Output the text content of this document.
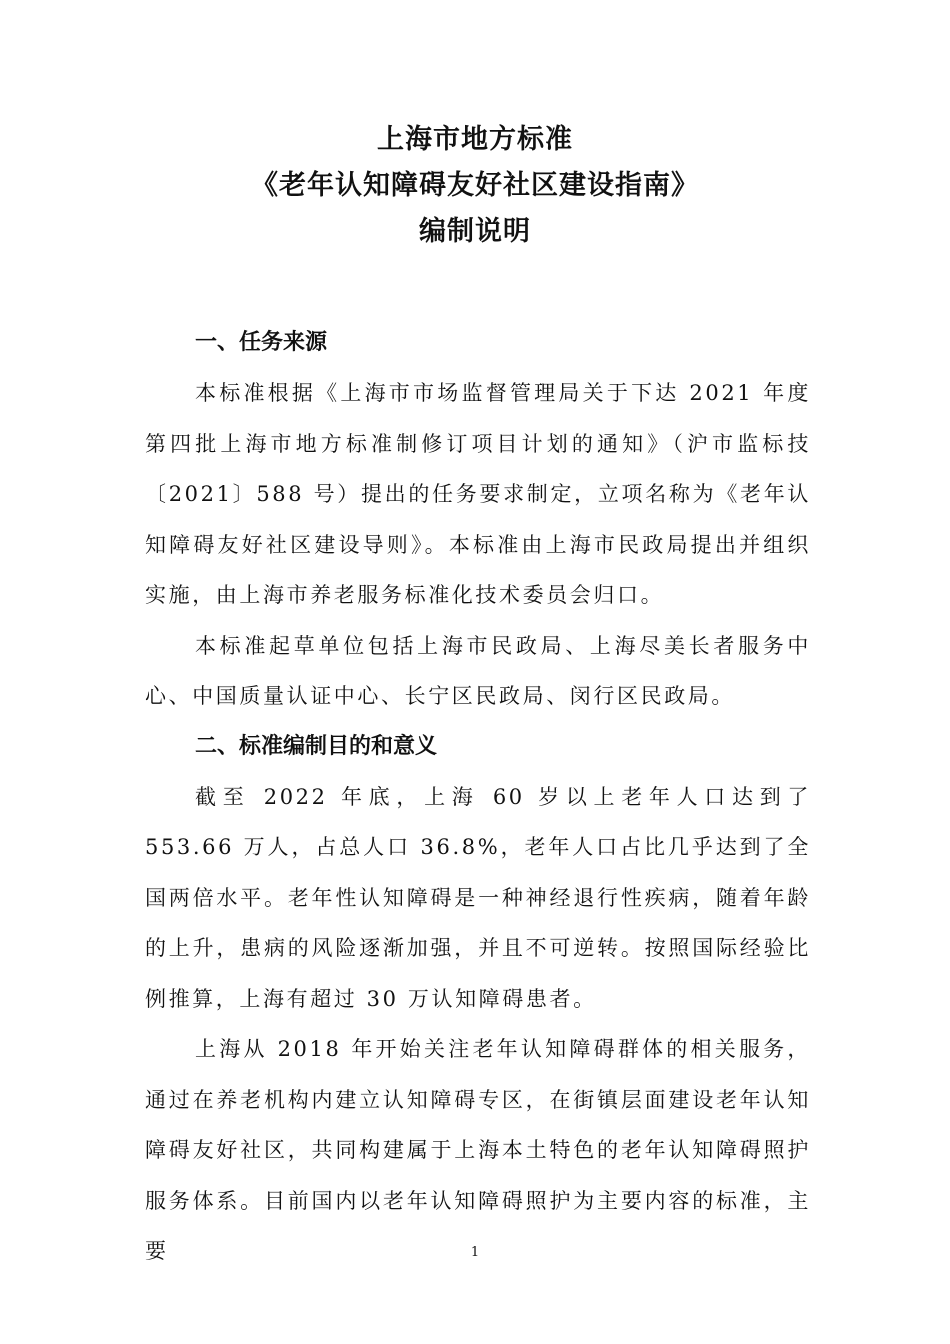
上海市地方标准

《老年认知障碍友好社区建设指南》

编制说明

一、任务来源

本标准根据《上海市市场监督管理局关于下达 2021 年度第四批上海市地方标准制修订项目计划的通知》（沪市监标技〔2021〕588 号）提出的任务要求制定，立项名称为《老年认知障碍友好社区建设导则》。本标准由上海市民政局提出并组织实施，由上海市养老服务标准化技术委员会归口。

本标准起草单位包括上海市民政局、上海尽美长者服务中心、中国质量认证中心、长宁区民政局、闵行区民政局。

二、标准编制目的和意义

截至 2022 年底，上海 60 岁以上老年人口达到了 553.66 万人，占总人口 36.8%，老年人口占比几乎达到了全国两倍水平。老年性认知障碍是一种神经退行性疾病，随着年龄的上升，患病的风险逐渐加强，并且不可逆转。按照国际经验比例推算，上海有超过 30 万认知障碍患者。

上海从 2018 年开始关注老年认知障碍群体的相关服务，通过在养老机构内建立认知障碍专区，在街镇层面建设老年认知障碍友好社区，共同构建属于上海本土特色的老年认知障碍照护服务体系。目前国内以老年认知障碍照护为主要内容的标准，主要	1
